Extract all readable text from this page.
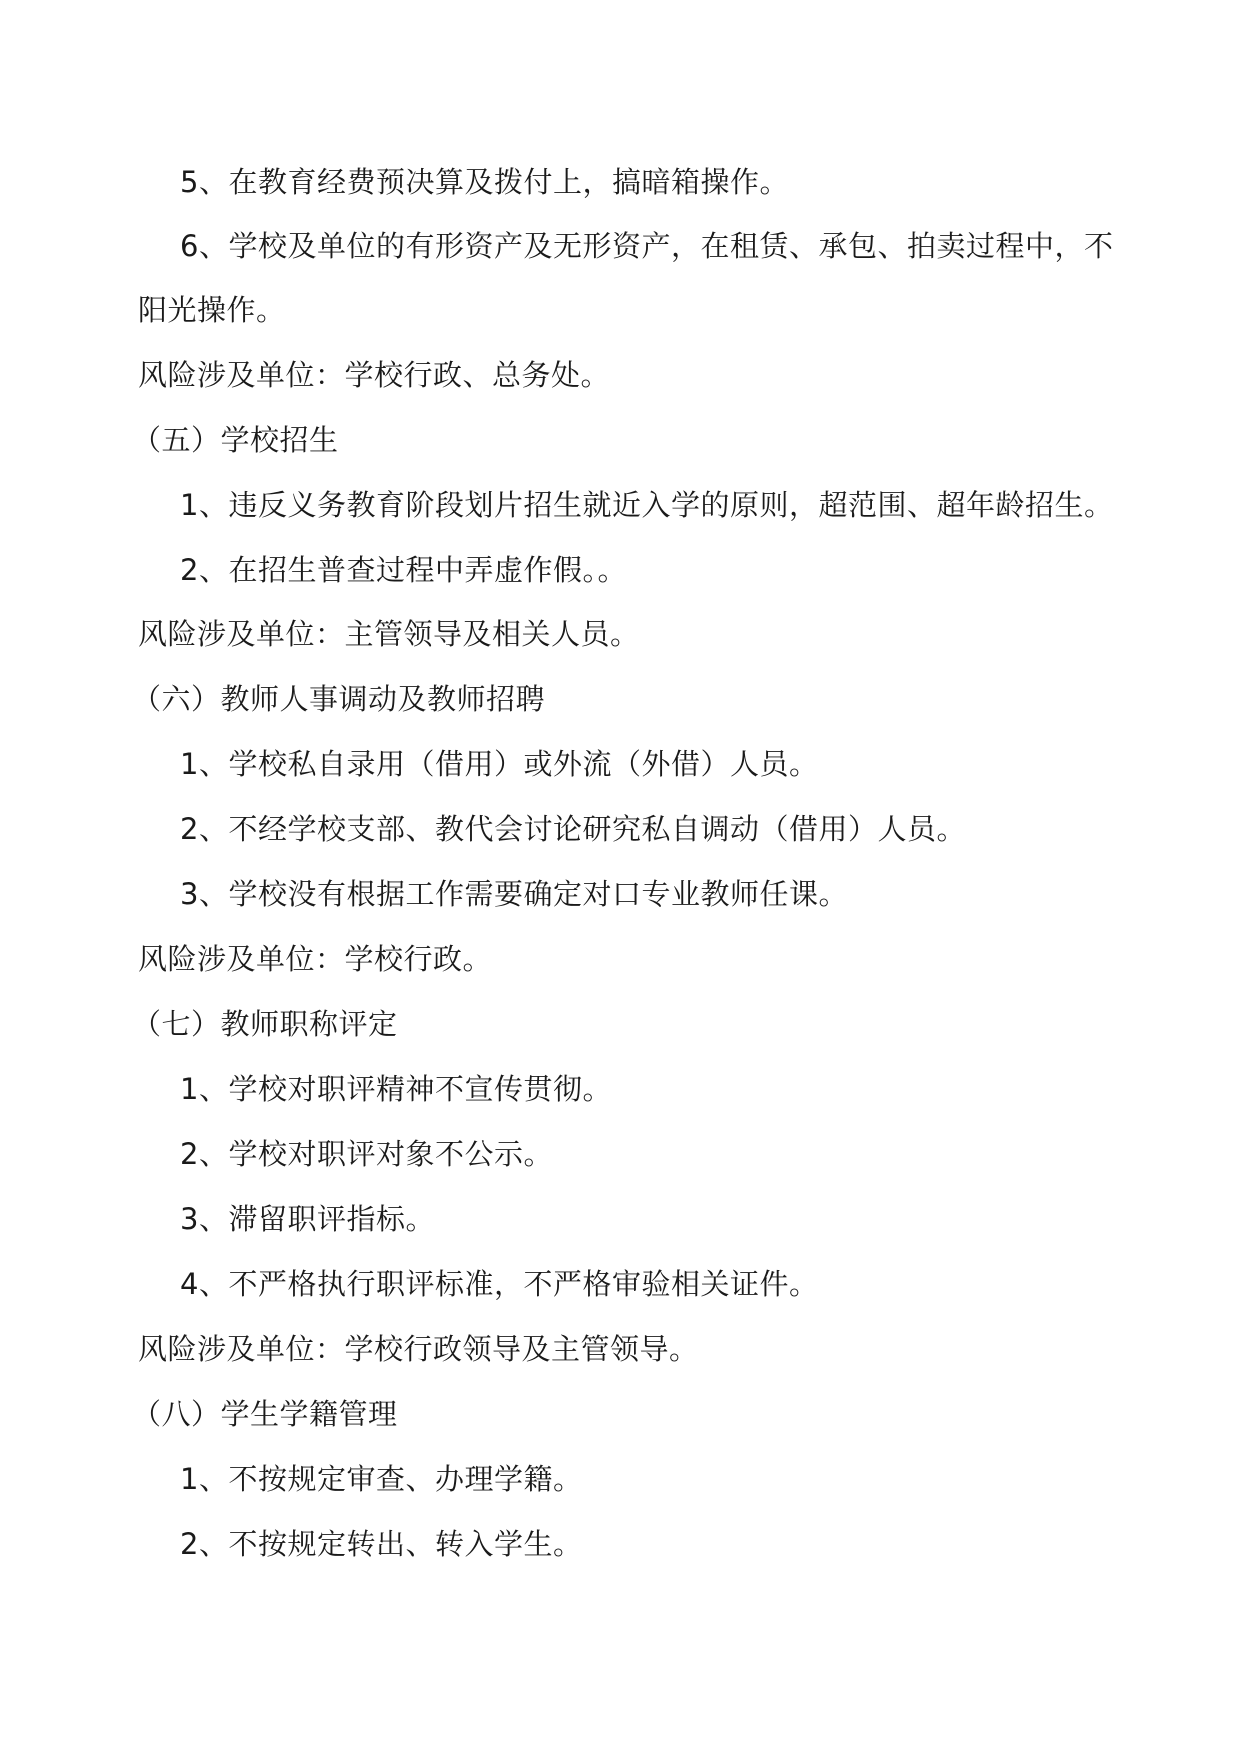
5、在教育经费预决算及拨付上，搞暗箱操作。
6、学校及单位的有形资产及无形资产，在租赁、承包、拍卖过程中，不
阳光操作。
风险涉及单位：学校行政、总务处。
（五）学校招生
1、违反义务教育阶段划片招生就近入学的原则，超范围、超年龄招生。
2、在招生普查过程中弄虚作假。。
风险涉及单位：主管领导及相关人员。
（六）教师人事调动及教师招聘
1、学校私自录用（借用）或外流（外借）人员。
2、不经学校支部、教代会讨论研究私自调动（借用）人员。
3、学校没有根据工作需要确定对口专业教师任课。
风险涉及单位：学校行政。
（七）教师职称评定
1、学校对职评精神不宣传贯彻。
2、学校对职评对象不公示。
3、滞留职评指标。
4、不严格执行职评标准，不严格审验相关证件。
风险涉及单位：学校行政领导及主管领导。
（八）学生学籍管理
1、不按规定审查、办理学籍。
2、不按规定转出、转入学生。
